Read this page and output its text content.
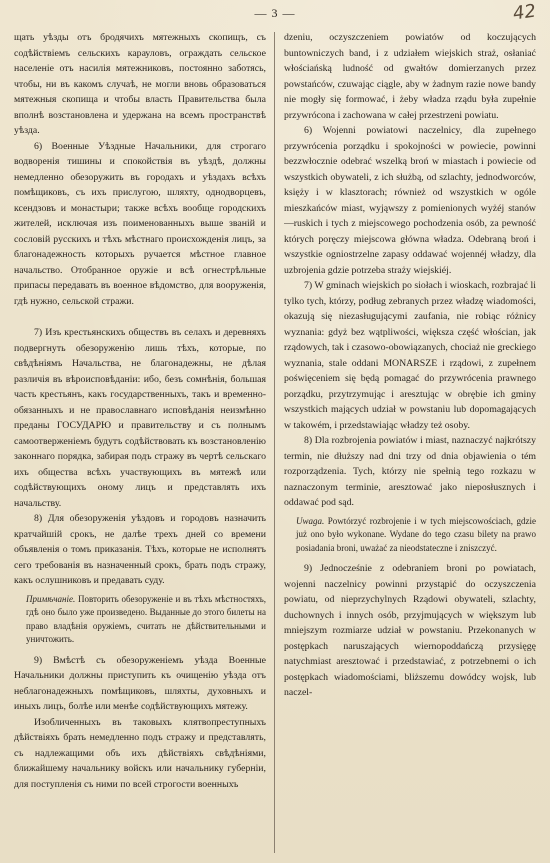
— 3 —	42

щать уѣзды отъ бродячихъ мятежныхъ скопищъ, съ содѣйствіемъ сельскихъ карауловъ, ограждать сельское населеніе отъ насилія мятежниковъ, постоянно заботясь, чтобы, ни въ какомъ случаѣ, не могли вновь образоваться мятежныя скопища и чтобы власть Правительства была вполнѣ возстановлена и удержана на всемъ пространствѣ уѣзда.

6) Военные Уѣздные Начальники, для строгаго водворенія тишины и спокойствія въ уѣздѣ, должны немедленно обезоружить въ городахъ и уѣздахъ всѣхъ помѣщиковъ, съ ихъ прислугою, шляхту, однодворцевъ, ксендзовъ и монастыри; также всѣхъ вообще городскихъ жителей, исключая изъ поименованныхъ выше званій и сословій русскихъ и тѣхъ мѣстнаго происхожденія лицъ, за благонадежность которыхъ ручается мѣстное главное начальство. Отобранное оружіе и всѣ огнестрѣльные припасы передавать въ военное вѣдомство, для вооруженія, гдѣ нужно, сельской стражи.

7) Изъ крестьянскихъ обществъ въ селахъ и деревняхъ подвергнуть обезоруженію лишь тѣхъ, которые, по свѣдѣніямъ Начальства, не благонадежны, не дѣлая различія въ вѣроисповѣданіи: ибо, безъ сомнѣнія, большая часть крестьянъ, какъ государственныхъ, такъ и временно-обязанныхъ и не православнаго исповѣданія неизмѣнно преданы ГОСУДАРЮ и правительству и съ полнымъ самоотверженіемъ будутъ содѣйствовать къ возстановленію законнаго порядка, забирая подъ стражу въ чертѣ сельскаго ихъ общества всѣхъ участвующихъ въ мятежѣ или содѣйствующихъ оному лицъ и представлять ихъ начальству.

8) Для обезоруженія уѣздовъ и городовъ назначить кратчайшій срокъ, не далѣе трехъ дней со времени объявленія о томъ приказанія. Тѣхъ, которые не исполнятъ сего требованія въ назначенный срокъ, брать подъ стражу, какъ ослушниковъ и предавать суду.

Примѣчаніе. Повторить обезоруженіе и въ тѣхъ мѣстностяхъ, гдѣ оно было уже произведено. Выданные до этого билеты на право владѣнія оружіемъ, считать не дѣйствительными и уничтожить.

9) Вмѣстѣ съ обезоруженіемъ уѣзда Военные Начальники должны приступить къ очищенію уѣзда отъ неблагонадежныхъ помѣщиковъ, шляхты, духовныхъ и иныхъ лицъ, болѣе или менѣе содѣйствующихъ мятежу.

Изобличенныхъ въ таковыхъ клятвопреступныхъ дѣйствіяхъ брать немедленно подъ стражу и представлять, съ надлежащими объ ихъ дѣйствіяхъ свѣдѣніями, ближайшему начальнику войскъ или начальнику губерніи, для поступленія съ ними по всей строгости военныхъ

dzeniu, oczyszczeniem powiatów od koczujących buntowniczych band, i z udziałem wiejskich straż, osłaniać włościańską ludność od gwałtów domierzanych przez powstańców, czuwając ciągle, aby w żadnym razie nowe bandy nie mogły się formować, i żeby władza rządu była zupełnie przywrócona i zachowana w całej przestrzeni powiatu.

6) Wojenni powiatowi naczelnicy, dla zupełnego przywrócenia porządku i spokojności w powiecie, powinni bezzwłocznie odebrać wszelką broń w miastach i powiecie od wszystkich obywateli, z ich służbą, od szlachty, jednodworców, księży i w klasztorach; również od wszystkich w ogóle mieszkańców miast, wyjąwszy z pomienionych wyżéj stanów—ruskich i tych z miejscowego pochodzenia osób, za pewność których poręczy miejscowa główna władza. Odebraną broń i wszystkie ogniostrzelne zapasy oddawać wojennéj władzy, dla uzbrojenia gdzie potrzeba straży wiejskiéj.

7) W gminach wiejskich po siołach i wioskach, rozbrajać li tylko tych, którzy, podług zebranych przez władzę wiadomości, okazują się niezasługującymi zaufania, nie robiąc różnicy wyznania: gdyż bez wątpliwości, większa część włościan, jak rządowych, tak i czasowo-obowiązanych, chociaż nie greckiego wyznania, stale oddani MONARSZE i rządowi, z zupełnem poświęceniem się będą pomagać do przywrócenia prawnego porządku, przytrzymując i aresztując w obrębie ich gminy wszystkich mających udział w powstaniu lub dopomagających w takowém, i przedstawiając władzy też osoby.

8) Dla rozbrojenia powiatów i miast, naznaczyć najkrótszy termin, nie dłuższy nad dni trzy od dnia objawienia o tém rozporządzenia. Tych, którzy nie spełnią tego rozkazu w naznaczonym terminie, aresztować jako nieposłusznych i oddawać pod sąd.

Uwaga. Powtórzyć rozbrojenie i w tych miejscowościach, gdzie już ono było wykonane. Wydane do tego czasu bilety na prawo posiadania broni, uważać za nieodstateczne i zniszczyć.

9) Jednocześnie z odebraniem broni po powiatach, wojenni naczelnicy powinni przystąpić do oczyszczenia powiatu, od nieprzychylnych Rządowi obywateli, szlachty, duchownych i innych osób, przyjmujących w większym lub mniejszym rozmiarze udział w powstaniu. Przekonanych w postępkach naruszających wiernopoddańczą przysięgę natychmiast aresztować i przedstawiać, z potrzebnemi o ich postępkach wiadomościami, bliższemu dowódcy wojsk, lub naczel-
